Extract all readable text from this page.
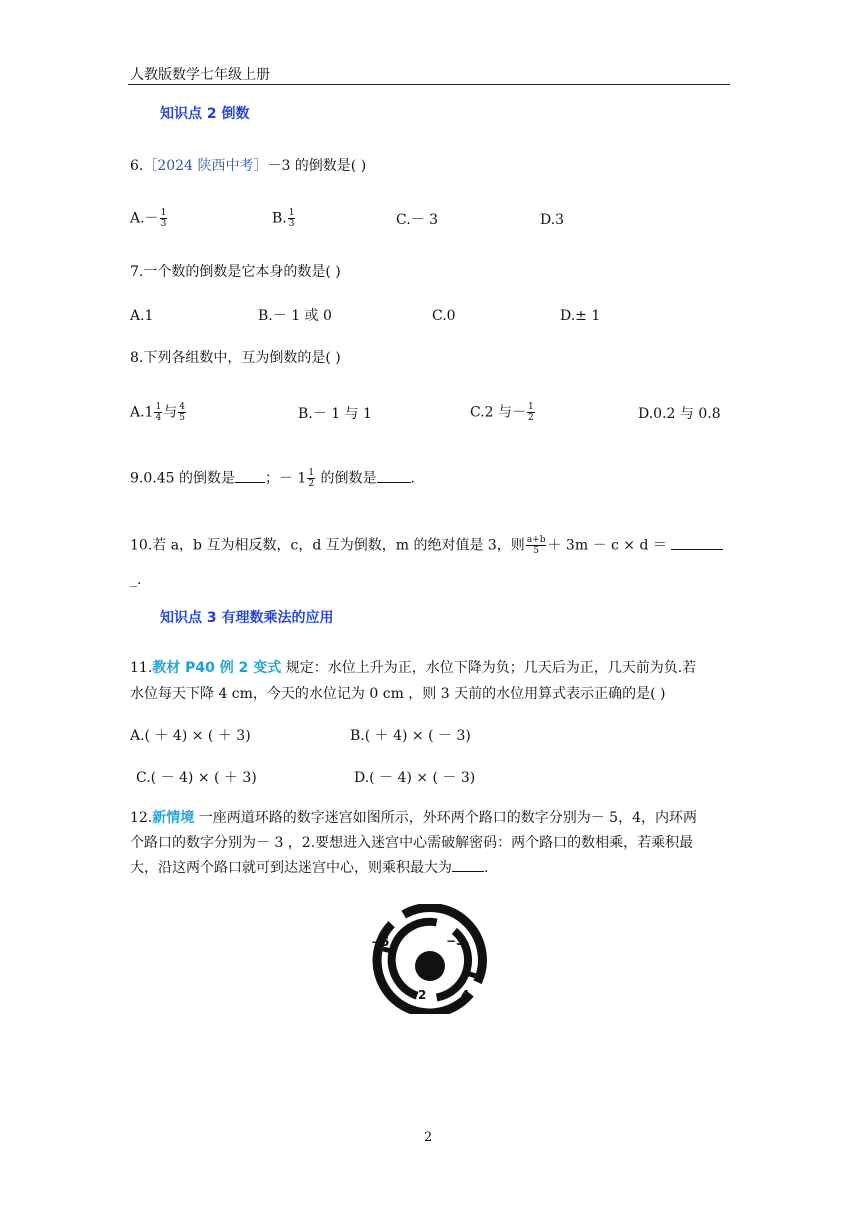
人教版数学七年级上册
知识点 2 倒数
6.［2024 陕西中考］－3 的倒数是( )
$A.- \frac{1}{3}$	B. $\frac{1}{3}$	C.－ 3	D.3
7.一个数的倒数是它本身的数是( )
A.1	B.－ 1 或 0	C.0	D.± 1
8.下列各组数中，互为倒数的是( )
$A.1 \frac{1}{4}$ 与 $\frac{4}{5}$	B.－ 1 与 1	C.2 与－ $\frac{1}{2}$	D.0.2 与 0.8
9.0.45 的倒数是 ；－ $1 \frac{1}{2}$ 的倒数是 .
10.若 a，b 互为相反数，c，d 互为倒数，m 的绝对值是 3，则 $\frac{a+b}{5} + 3m - c \times d$ ＝
_.
知识点 3 有理数乘法的应用
11.教材 P40 例 2 变式 规定：水位上升为正，水位下降为负；几天后为正，几天前为负.若
水位每天下降 4 cm，今天的水位记为 0 cm ，则 3 天前的水位用算式表示正确的是( )
A.( ＋ 4) × ( ＋ 3)	B.( ＋ 4) × ( － 3)
C.( － 4) × ( ＋ 3)	D.( － 4) × ( － 3)
12.新情境 一座两道环路的数字迷宫如图所示，外环两个路口的数字分别为－ 5，4，内环两
个路口的数字分别为－ 3 ，2.要想进入迷宫中心需破解密码：两个路口的数相乘，若乘积最
大，沿这两个路口就可到达迷宫中心，则乘积最大为 .
−5	−3
2	4
2
